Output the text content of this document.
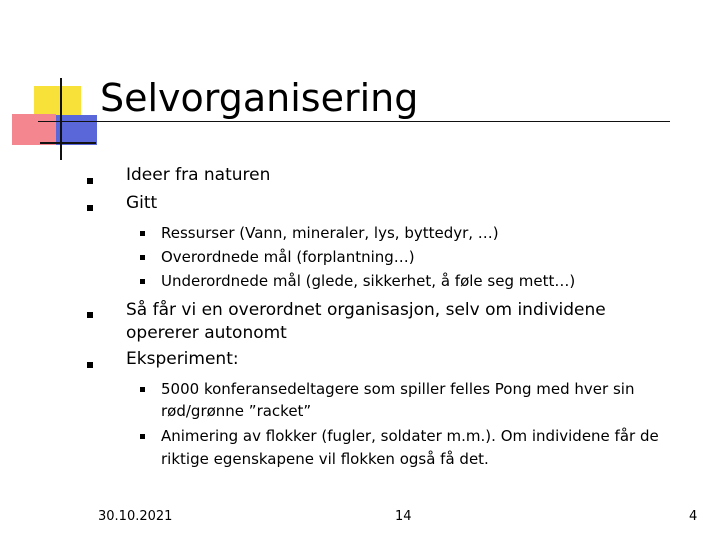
Selvorganisering
Ideer fra naturen
Gitt
Ressurser (Vann, mineraler, lys, byttedyr, …)
Overordnede mål (forplantning…)
Underordnede mål (glede, sikkerhet, å føle seg mett…)
Så får vi en overordnet organisasjon, selv om individene
opererer autonomt
Eksperiment:
5000 konferansedeltagere som spiller felles Pong med hver sin
rød/grønne ”racket”
Animering av flokker (fugler, soldater m.m.). Om individene får de
riktige egenskapene vil flokken også få det.
30.10.2021	14	4
